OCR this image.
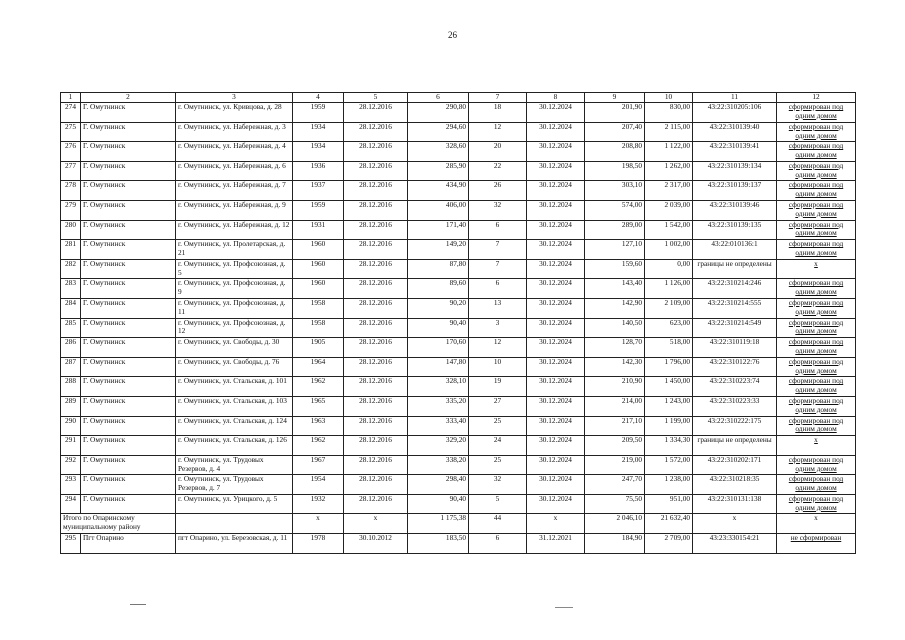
26
1	2	3	4	5	6	7	8	9	10	11	12
274	Г. Омутнинск	г. Омутнинск, ул. Кривцова, д. 28	1959	28.12.2016	290,80	18	30.12.2024	201,90	830,00	43:22:310205:106	сформирован под одним домом
275	Г. Омутнинск	г. Омутнинск, ул. Набережная, д. 3	1934	28.12.2016	294,60	12	30.12.2024	207,40	2 115,00	43:22:310139:40	сформирован под одним домом
276	Г. Омутнинск	г. Омутнинск, ул. Набережная, д. 4	1934	28.12.2016	328,60	20	30.12.2024	208,80	1 122,00	43:22:310139:41	сформирован под одним домом
277	Г. Омутнинск	г. Омутнинск, ул. Набережная, д. 6	1936	28.12.2016	285,90	22	30.12.2024	198,50	1 262,00	43:22:310139:134	сформирован под одним домом
278	Г. Омутнинск	г. Омутнинск, ул. Набережная, д. 7	1937	28.12.2016	434,90	26	30.12.2024	303,10	2 317,00	43:22:310139:137	сформирован под одним домом
279	Г. Омутнинск	г. Омутнинск, ул. Набережная, д. 9	1959	28.12.2016	406,00	32	30.12.2024	574,00	2 039,00	43:22:310139:46	сформирован под одним домом
280	Г. Омутнинск	г. Омутнинск, ул. Набережная, д. 12	1931	28.12.2016	171,40	6	30.12.2024	289,00	1 542,00	43:22:310139:135	сформирован под одним домом
281	Г. Омутнинск	г. Омутнинск, ул. Пролетарская, д. 21	1960	28.12.2016	149,20	7	30.12.2024	127,10	1 002,00	43:22:010136:1	сформирован под одним домом
282	Г. Омутнинск	г. Омутнинск, ул. Профсоюзная, д. 5	1960	28.12.2016	87,80	7	30.12.2024	159,60	0,00	границы не определены	х
283	Г. Омутнинск	г. Омутнинск, ул. Профсоюзная, д. 9	1960	28.12.2016	89,60	6	30.12.2024	143,40	1 126,00	43:22:310214:246	сформирован под одним домом
284	Г. Омутнинск	г. Омутнинск, ул. Профсоюзная, д. 11	1958	28.12.2016	90,20	13	30.12.2024	142,90	2 109,00	43:22:310214:555	сформирован под одним домом
285	Г. Омутнинск	г. Омутнинск, ул. Профсоюзная, д. 12	1958	28.12.2016	90,40	3	30.12.2024	140,50	623,00	43:22:310214:549	сформирован под одним домом
286	Г. Омутнинск	г. Омутнинск, ул. Свободы, д. 30	1905	28.12.2016	170,60	12	30.12.2024	128,70	518,00	43:22:310119:18	сформирован под одним домом
287	Г. Омутнинск	г. Омутнинск, ул. Свободы, д. 76	1964	28.12.2016	147,80	10	30.12.2024	142,30	1 796,00	43:22:310122:76	сформирован под одним домом
288	Г. Омутнинск	г. Омутнинск, ул. Стальская, д. 101	1962	28.12.2016	328,10	19	30.12.2024	210,90	1 450,00	43:22:310223:74	сформирован под одним домом
289	Г. Омутнинск	г. Омутнинск, ул. Стальская, д. 103	1965	28.12.2016	335,20	27	30.12.2024	214,00	1 243,00	43:22:310223:33	сформирован под одним домом
290	Г. Омутнинск	г. Омутнинск, ул. Стальская, д. 124	1963	28.12.2016	333,40	25	30.12.2024	217,10	1 199,00	43:22:310222:175	сформирован под одним домом
291	Г. Омутнинск	г. Омутнинск, ул. Стальская, д. 126	1962	28.12.2016	329,20	24	30.12.2024	209,50	1 334,30	границы не определены	х
292	Г. Омутнинск	г. Омутнинск, ул. Трудовых Резервов, д. 4	1967	28.12.2016	338,20	25	30.12.2024	219,00	1 572,00	43:22:310202:171	сформирован под одним домом
293	Г. Омутнинск	г. Омутнинск, ул. Трудовых Резервов, д. 7	1954	28.12.2016	298,40	32	30.12.2024	247,70	1 238,00	43:22:310218:35	сформирован под одним домом
294	Г. Омутнинск	г. Омутнинск, ул. Урицкого, д. 5	1932	28.12.2016	90,40	5	30.12.2024	75,50	951,00	43:22:310131:138	сформирован под одним домом
Итого по Опаринскому муниципальному району			х	х	1 175,38	44	х	2 046,10	21 632,40	х	х
295	Пгт Опарино	пгт Опарино, ул. Березовская, д. 11	1978	30.10.2012	183,50	6	31.12.2021	184,90	2 709,00	43:23:330154:21	не сформирован
